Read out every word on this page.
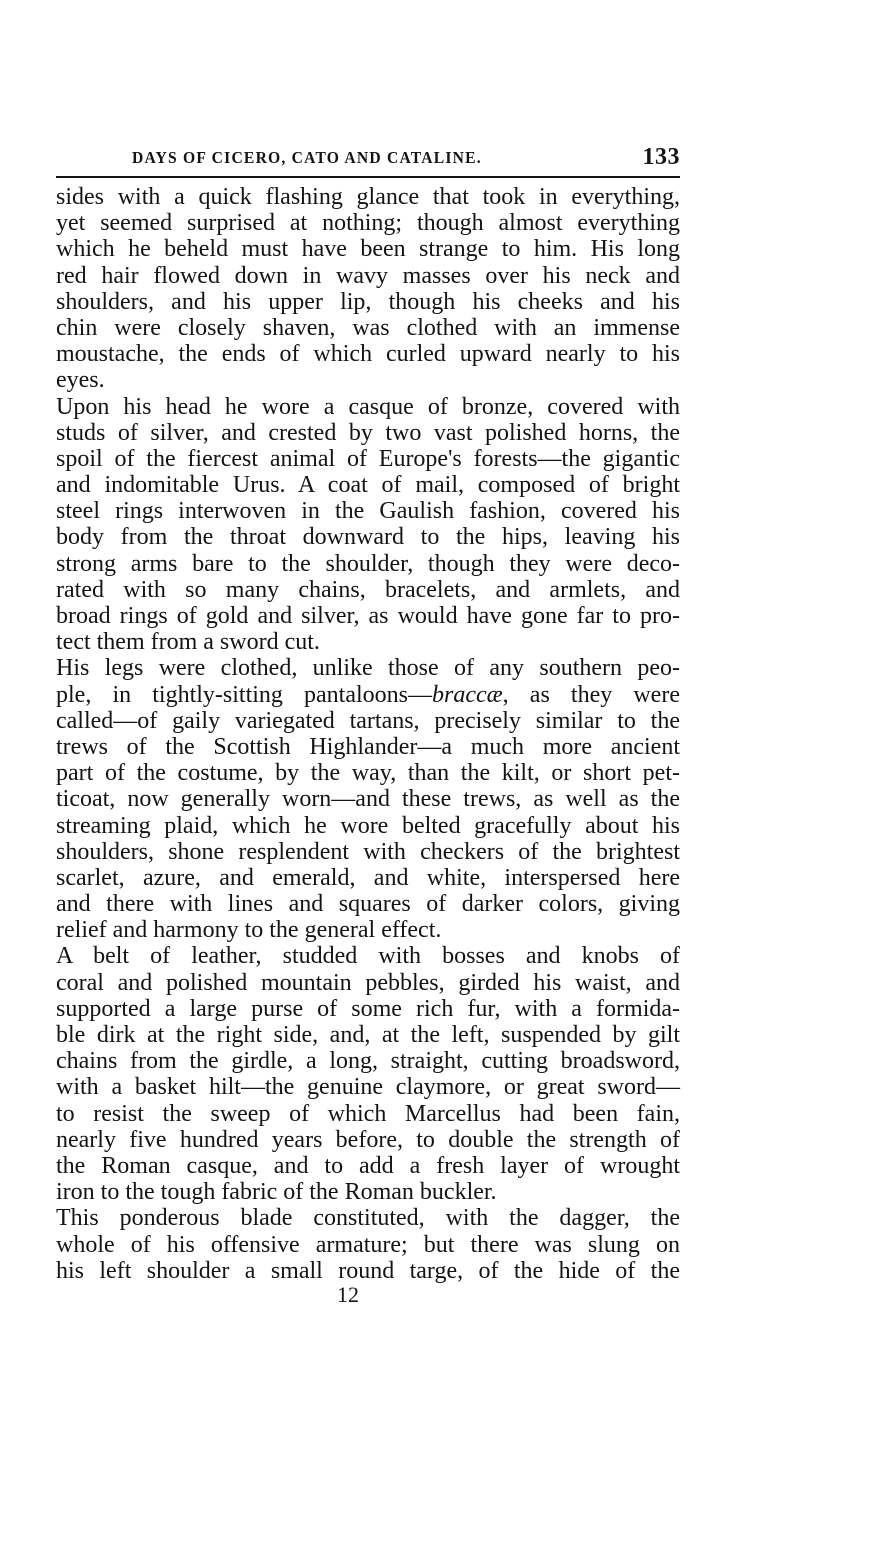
DAYS OF CICERO, CATO AND CATALINE.	133
sides with a quick flashing glance that took in everything,
yet seemed surprised at nothing; though almost everything
which he beheld must have been strange to him. His long
red hair flowed down in wavy masses over his neck and
shoulders, and his upper lip, though his cheeks and his
chin were closely shaven, was clothed with an immense
moustache, the ends of which curled upward nearly to his
eyes.
Upon his head he wore a casque of bronze, covered with
studs of silver, and crested by two vast polished horns, the
spoil of the fiercest animal of Europe's forests—the gigantic
and indomitable Urus. A coat of mail, composed of bright
steel rings interwoven in the Gaulish fashion, covered his
body from the throat downward to the hips, leaving his
strong arms bare to the shoulder, though they were deco-
rated with so many chains, bracelets, and armlets, and
broad rings of gold and silver, as would have gone far to pro-
tect them from a sword cut.
His legs were clothed, unlike those of any southern peo-
ple, in tightly-sitting pantaloons—braccæ, as they were
called—of gaily variegated tartans, precisely similar to the
trews of the Scottish Highlander—a much more ancient
part of the costume, by the way, than the kilt, or short pet-
ticoat, now generally worn—and these trews, as well as the
streaming plaid, which he wore belted gracefully about his
shoulders, shone resplendent with checkers of the brightest
scarlet, azure, and emerald, and white, interspersed here
and there with lines and squares of darker colors, giving
relief and harmony to the general effect.
A belt of leather, studded with bosses and knobs of
coral and polished mountain pebbles, girded his waist, and
supported a large purse of some rich fur, with a formida-
ble dirk at the right side, and, at the left, suspended by gilt
chains from the girdle, a long, straight, cutting broadsword,
with a basket hilt—the genuine claymore, or great sword—
to resist the sweep of which Marcellus had been fain,
nearly five hundred years before, to double the strength of
the Roman casque, and to add a fresh layer of wrought
iron to the tough fabric of the Roman buckler.
This ponderous blade constituted, with the dagger, the
whole of his offensive armature; but there was slung on
his left shoulder a small round targe, of the hide of the
12
